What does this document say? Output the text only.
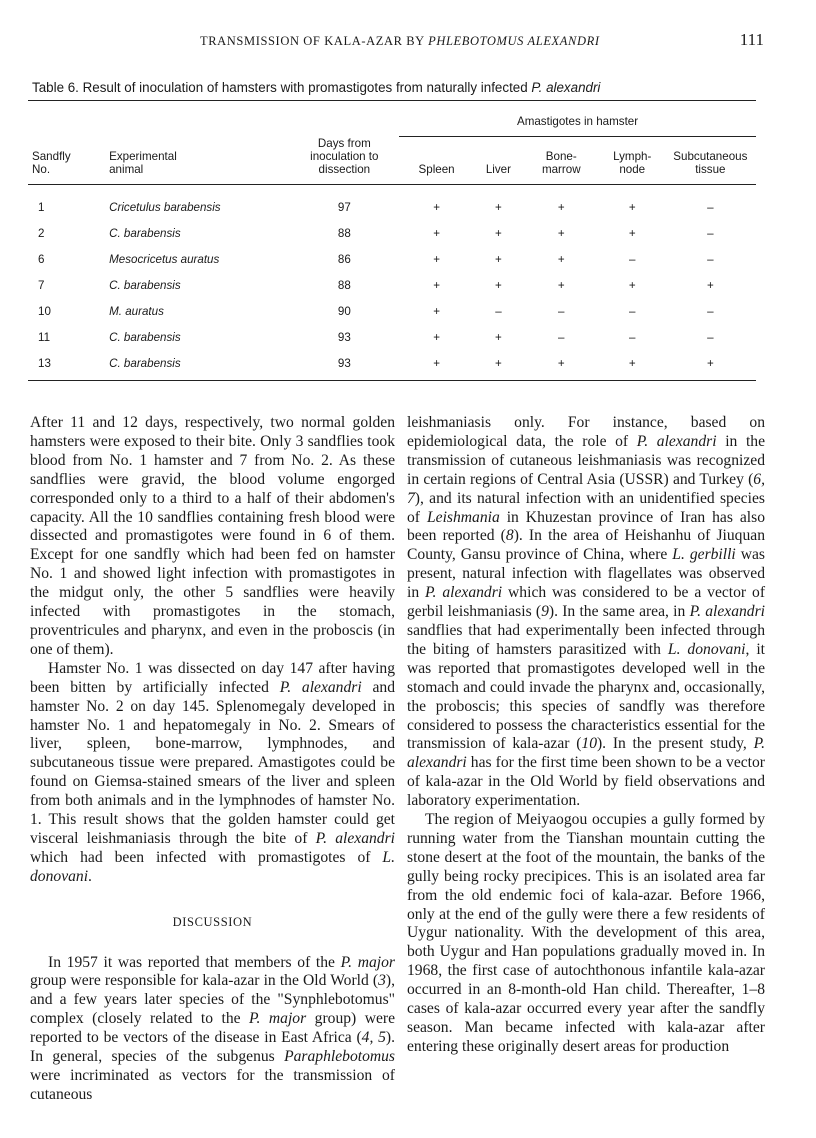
TRANSMISSION OF KALA-AZAR BY PHLEBOTOMUS ALEXANDRI	111
Table 6. Result of inoculation of hamsters with promastigotes from naturally infected P. alexandri

			Amastigotes in hamster				

Sandfly No.	Experimental animal	Days from inoculation to dissection	Spleen	Liver	Bone-marrow	Lymph-node	Subcutaneous tissue

1	Cricetulus barabensis	97	+	+	+	+	–
2	C. barabensis	88	+	+	+	+	–
6	Mesocricetus auratus	86	+	+	+	–	–
7	C. barabensis	88	+	+	+	+	+
10	M. auratus	90	+	–	–	–	–
11	C. barabensis	93	+	+	–	–	–
13	C. barabensis	93	+	+	+	+	+

After 11 and 12 days, respectively, two normal golden hamsters were exposed to their bite. Only 3 sandflies took blood from No. 1 hamster and 7 from No. 2. As these sandflies were gravid, the blood volume engorged corresponded only to a third to a half of their abdomen's capacity. All the 10 sandflies containing fresh blood were dissected and promastigotes were found in 6 of them. Except for one sandfly which had been fed on hamster No. 1 and showed light infection with promastigotes in the midgut only, the other 5 sandflies were heavily infected with promastigotes in the stomach, proventricules and pharynx, and even in the proboscis (in one of them).

Hamster No. 1 was dissected on day 147 after having been bitten by artificially infected P. alexandri and hamster No. 2 on day 145. Splenomegaly developed in hamster No. 1 and hepatomegaly in No. 2. Smears of liver, spleen, bone-marrow, lymphnodes, and subcutaneous tissue were prepared. Amastigotes could be found on Giemsa-stained smears of the liver and spleen from both animals and in the lymphnodes of hamster No. 1. This result shows that the golden hamster could get visceral leishmaniasis through the bite of P. alexandri which had been infected with promastigotes of L. donovani.

DISCUSSION

In 1957 it was reported that members of the P. major group were responsible for kala-azar in the Old World (3), and a few years later species of the "Synphlebotomus" complex (closely related to the P. major group) were reported to be vectors of the disease in East Africa (4, 5). In general, species of the subgenus Paraphlebotomus were incriminated as vectors for the transmission of cutaneous

leishmaniasis only. For instance, based on epidemiological data, the role of P. alexandri in the transmission of cutaneous leishmaniasis was recognized in certain regions of Central Asia (USSR) and Turkey (6, 7), and its natural infection with an unidentified species of Leishmania in Khuzestan province of Iran has also been reported (8). In the area of Heishanhu of Jiuquan County, Gansu province of China, where L. gerbilli was present, natural infection with flagellates was observed in P. alexandri which was considered to be a vector of gerbil leishmaniasis (9). In the same area, in P. alexandri sandflies that had experimentally been infected through the biting of hamsters parasitized with L. donovani, it was reported that promastigotes developed well in the stomach and could invade the pharynx and, occasionally, the proboscis; this species of sandfly was therefore considered to possess the characteristics essential for the transmission of kala-azar (10). In the present study, P. alexandri has for the first time been shown to be a vector of kala-azar in the Old World by field observations and laboratory experimentation.

The region of Meiyaogou occupies a gully formed by running water from the Tianshan mountain cutting the stone desert at the foot of the mountain, the banks of the gully being rocky precipices. This is an isolated area far from the old endemic foci of kala-azar. Before 1966, only at the end of the gully were there a few residents of Uygur nationality. With the development of this area, both Uygur and Han populations gradually moved in. In 1968, the first case of autochthonous infantile kala-azar occurred in an 8-month-old Han child. Thereafter, 1–8 cases of kala-azar occurred every year after the sandfly season. Man became infected with kala-azar after entering these originally desert areas for production
